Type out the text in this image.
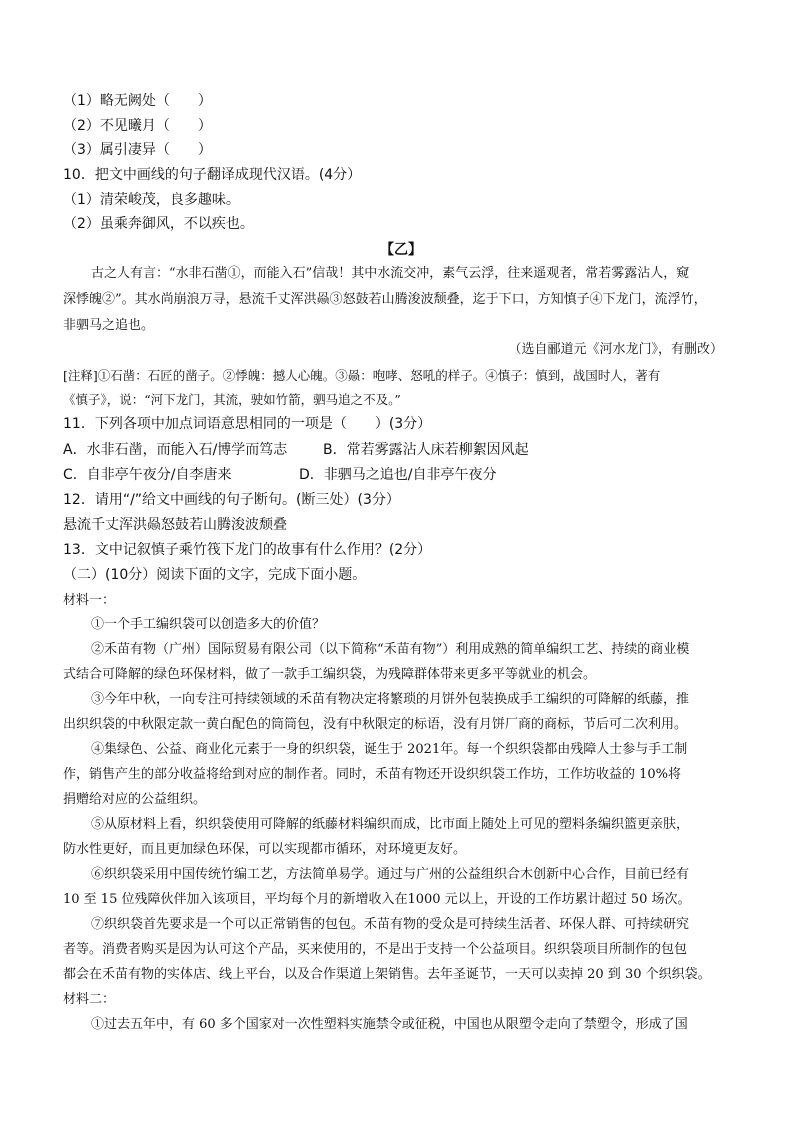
（1）略无阙处（　　）
（2）不见曦月（　　）
（3）属引凄异（　　）
10．把文中画线的句子翻译成现代汉语。(4分）
（1）清荣峻茂，良多趣味。
（2）虽乘奔御风，不以疾也。
【乙】
古之人有言：“水非石凿①，而能入石”信哉！其中水流交冲，素气云浮，往来遥观者，常若雾露沾人，窥
深悸魄②”。其水尚崩浪万寻，悬流千丈浑洪赑③怒鼓若山腾浚波颓叠，迄于下口，方知慎子④下龙门，流浮竹，
非驷马之追也。
（选自郦道元《河水龙门》，有删改）
[注释]①石凿：石匠的凿子。②悸魄：撼人心魄。③赑：咆哮、怒吼的样子。④慎子：慎到，战国时人，著有
《慎子》，说：“河下龙门，其流，驶如竹箭，驷马追之不及。”
11．下列各项中加点词语意思相同的一项是（　　）(3分）
A．水非石凿，而能入石/博学而笃志	B．常若雾露沾人床若柳絮因风起
C．自非亭午夜分/自李唐来	D．非驷马之追也/自非亭午夜分
12．请用“/”给文中画线的句子断句。(断三处）(3分）
悬流千丈浑洪赑怒鼓若山腾浚波颓叠
13．文中记叙慎子乘竹筏下龙门的故事有什么作用？(2分）
（二）(10分）阅读下面的文字，完成下面小题。
材料一：
①一个手工编织袋可以创造多大的价值？
②禾苗有物（广州）国际贸易有限公司（以下简称“禾苗有物”）利用成熟的简单编织工艺、持续的商业模
式结合可降解的绿色环保材料，做了一款手工编织袋，为残障群体带来更多平等就业的机会。
③今年中秋，一向专注可持续领域的禾苗有物决定将繁琐的月饼外包装换成手工编织的可降解的纸藤，推
出织织袋的中秋限定款一黄白配色的筒筒包，没有中秋限定的标语，没有月饼厂商的商标，节后可二次利用。
④集绿色、公益、商业化元素于一身的织织袋，诞生于 2021年。每一个织织袋都由残障人士参与手工制
作，销售产生的部分收益将给到对应的制作者。同时，禾苗有物还开设织织袋工作坊，工作坊收益的 10%将
捐赠给对应的公益组织。
⑤从原材料上看，织织袋使用可降解的纸藤材料编织而成，比市面上随处上可见的塑料条编织篮更亲肤，
防水性更好，而且更加绿色环保，可以实现都市循环，对环境更友好。
⑥织织袋采用中国传统竹编工艺，方法简单易学。通过与广州的公益组织合木创新中心合作，目前已经有
10 至 15 位残障伙伴加入该项目，平均每个月的新增收入在1000 元以上，开设的工作坊累计超过 50 场次。
⑦织织袋首先要求是一个可以正常销售的包包。禾苗有物的受众是可持续生活者、环保人群、可持续研究
者等。消费者购买是因为认可这个产品，买来使用的，不是出于支持一个公益项目。织织袋项目所制作的包包
都会在禾苗有物的实体店、线上平台，以及合作渠道上架销售。去年圣诞节，一天可以卖掉 20 到 30 个织织袋。
材料二：
①过去五年中，有 60 多个国家对一次性塑料实施禁令或征税，中国也从限塑令走向了禁塑令，形成了国
